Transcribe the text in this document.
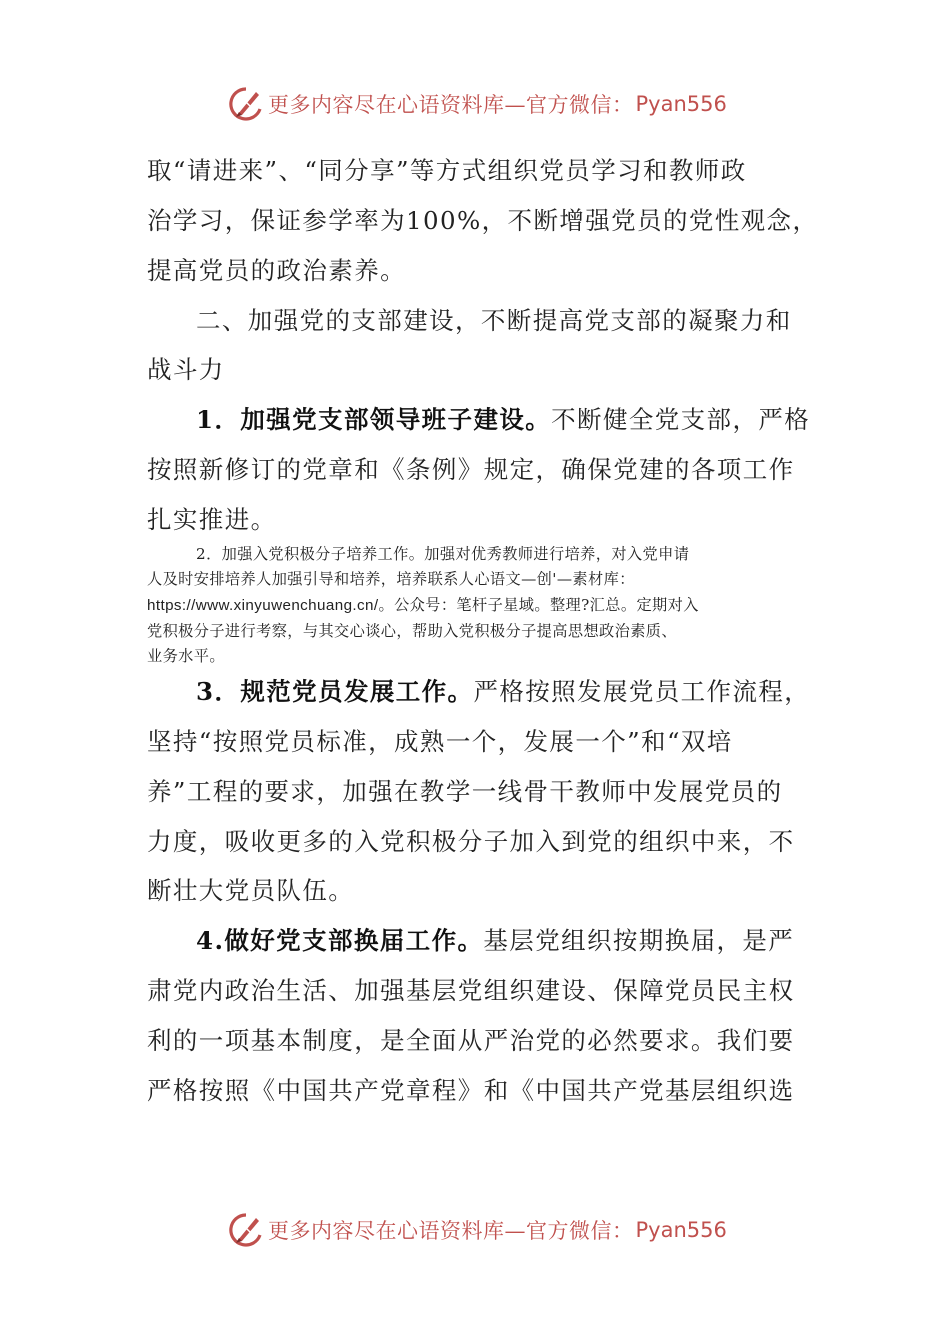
更多内容尽在心语资料库—官方微信： Pyan556
取“请进来”、“同分享”等方式组织党员学习和教师政
治学习，保证参学率为100%，不断增强党员的党性观念，
提高党员的政治素养。
二、加强党的支部建设，不断提高党支部的凝聚力和
战斗力
1．加强党支部领导班子建设。不断健全党支部，严格
按照新修订的党章和《条例》规定，确保党建的各项工作
扎实推进。
2．加强入党积极分子培养工作。加强对优秀教师进行培养，对入党申请
人及时安排培养人加强引导和培养，培养联系人心语文—创'—素材库：
https://www.xinyuwenchuang.cn/。公众号：笔杆子星域。整理?汇总。定期对入
党积极分子进行考察，与其交心谈心，帮助入党积极分子提高思想政治素质、
业务水平。
3．规范党员发展工作。严格按照发展党员工作流程，
坚持“按照党员标准，成熟一个，发展一个”和“双培
养”工程的要求，加强在教学一线骨干教师中发展党员的
力度，吸收更多的入党积极分子加入到党的组织中来，不
断壮大党员队伍。
4.做好党支部换届工作。基层党组织按期换届，是严
肃党内政治生活、加强基层党组织建设、保障党员民主权
利的一项基本制度，是全面从严治党的必然要求。我们要
严格按照《中国共产党章程》和《中国共产党基层组织选
更多内容尽在心语资料库—官方微信： Pyan556
